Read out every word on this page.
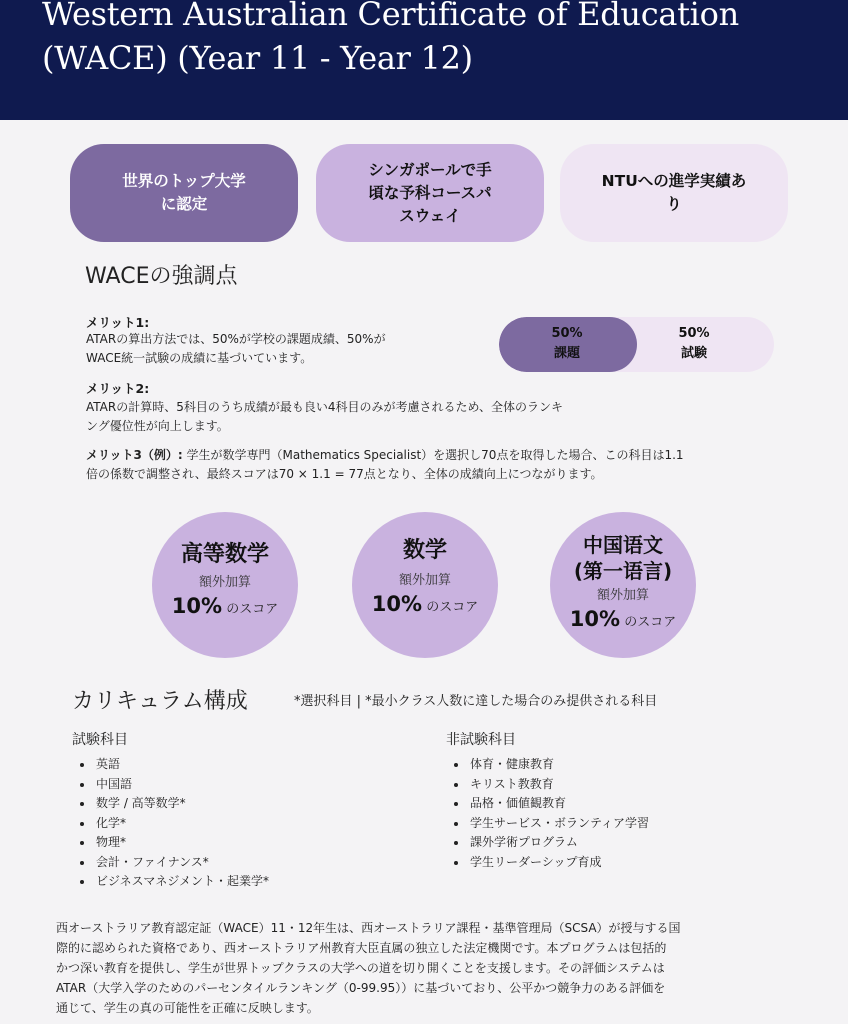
Western Australian Certificate of Education
(WACE) (Year 11 - Year 12)
世界のトップ大学
に認定
シンガポールで手
頃な予科コースパ
スウェイ
NTUへの進学実績あ
り
WACEの強調点
メリット1:
ATARの算出方法では、50%が学校の課題成績、50%が
WACE統一試験の成績に基づいています。
50%
課題
50%
試験
メリット2:
ATARの計算時、5科目のうち成績が最も良い4科目のみが考慮されるため、全体のランキ
ング優位性が向上します。
メリット3（例）: 学生が数学専門（Mathematics Specialist）を選択し70点を取得した場合、この科目は1.1
倍の係数で調整され、最終スコアは70 × 1.1 = 77点となり、全体の成績向上につながります。
高等数学
額外加算
10% のスコア
数学
額外加算
10% のスコア
中国语文
(第一语言)
額外加算
10% のスコア
カリキュラム構成	*選択科目 | *最小クラス人数に達した場合のみ提供される科目
試験科目
• 英語
• 中国語
• 数学 / 高等数学*
• 化学*
• 物理*
• 会計・ファイナンス*
• ビジネスマネジメント・起業学*
非試験科目
• 体育・健康教育
• キリスト教教育
• 品格・価値観教育
• 学生サービス・ボランティア学習
• 課外学術プログラム
• 学生リーダーシップ育成
西オーストラリア教育認定証（WACE）11・12年生は、西オーストラリア課程・基準管理局（SCSA）が授与する国
際的に認められた資格であり、西オーストラリア州教育大臣直属の独立した法定機関です。本プログラムは包括的
かつ深い教育を提供し、学生が世界トップクラスの大学への道を切り開くことを支援します。その評価システムは
ATAR（大学入学のためのパーセンタイルランキング（0-99.95））に基づいており、公平かつ競争力のある評価を
通じて、学生の真の可能性を正確に反映します。
